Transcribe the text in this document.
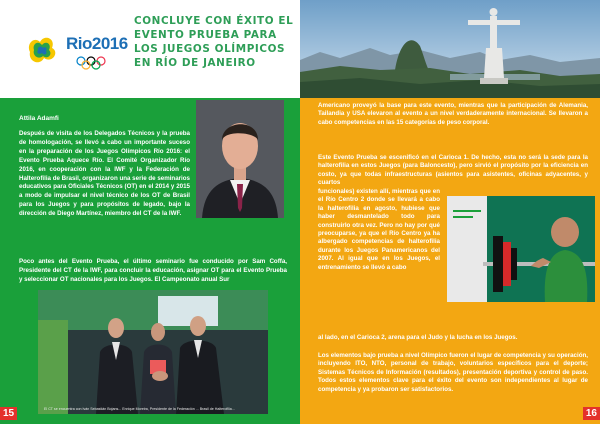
Rio2016
CONCLUYE CON ÉXITO EL EVENTO PRUEBA PARA LOS JUEGOS OLÍMPICOS EN RÍO DE JANEIRO
Attila Adamfi
Después de visita de los Delegados Técnicos y la prueba de homologación, se llevó a cabo un importante suceso en la preparación de los Juegos Olímpicos Río 2016: el Evento Prueba Aquece Río. El Comité Organizador Río 2016, en cooperación con la IWF y la Federación de Halterofilia de Brasil, organizaron una serie de seminarios educativos para Oficiales Técnicos (OT) en el 2014 y 2015 a modo de impulsar el nivel técnico de los OT de Brasil para los Juegos y para propósitos de legado, bajo la dirección de Diego Martínez, miembro del CT de la IWF.
Poco antes del Evento Prueba, el último seminario fue conducido por Sam Coffa, Presidente del CT de la IWF, para concluir la educación, asignar OT para el Evento Prueba y seleccionar OT nacionales para los Juegos. El Campeonato anual Sur
El CT se encuentra con Iván Sebastián Bojans... Enrique Moreira, Presidente de la Federación ... Brasil de Halterofilia...
15
Americano proveyó la base para este evento, mientras que la participación de Alemania, Tailandia y USA elevaron al evento a un nivel verdaderamente internacional. Se llevaron a cabo competencias en las 15 categorías de peso corporal.
Este Evento Prueba se escenificó en el Carioca 1. De hecho, esta no será la sede para la halterofilia en estos Juegos (para Baloncesto), pero sirvió el propósito por la eficiencia en costo, ya que todas infraestructuras (asientos para asistentes, oficinas adyacentes, y cuartos
funcionales) existen allí, mientras que en el Río Centro 2 donde se llevará a cabo la halterofilia en agosto, hubiese que haber desmantelado todo para construirlo otra vez. Pero no hay por qué preocuparse, ya que el Río Centro ya ha albergado competencias de halterofilia durante los Juegos Panamericanos del 2007. Al igual que en los Juegos, el entrenamiento se llevó a cabo
al lado, en el Carioca 2, arena para el Judo y la lucha en los Juegos.
Los elementos bajo prueba a nivel Olímpico fueron el lugar de competencia y su operación, incluyendo ITO, NTO, personal de trabajo, voluntarios específicos para el deporte; Sistemas Técnicos de Información (resultados), presentación deportiva y control de paso. Todos estos elementos clave para el éxito del evento son independientes al lugar de competencia y ya probaron ser satisfactorios.
16
